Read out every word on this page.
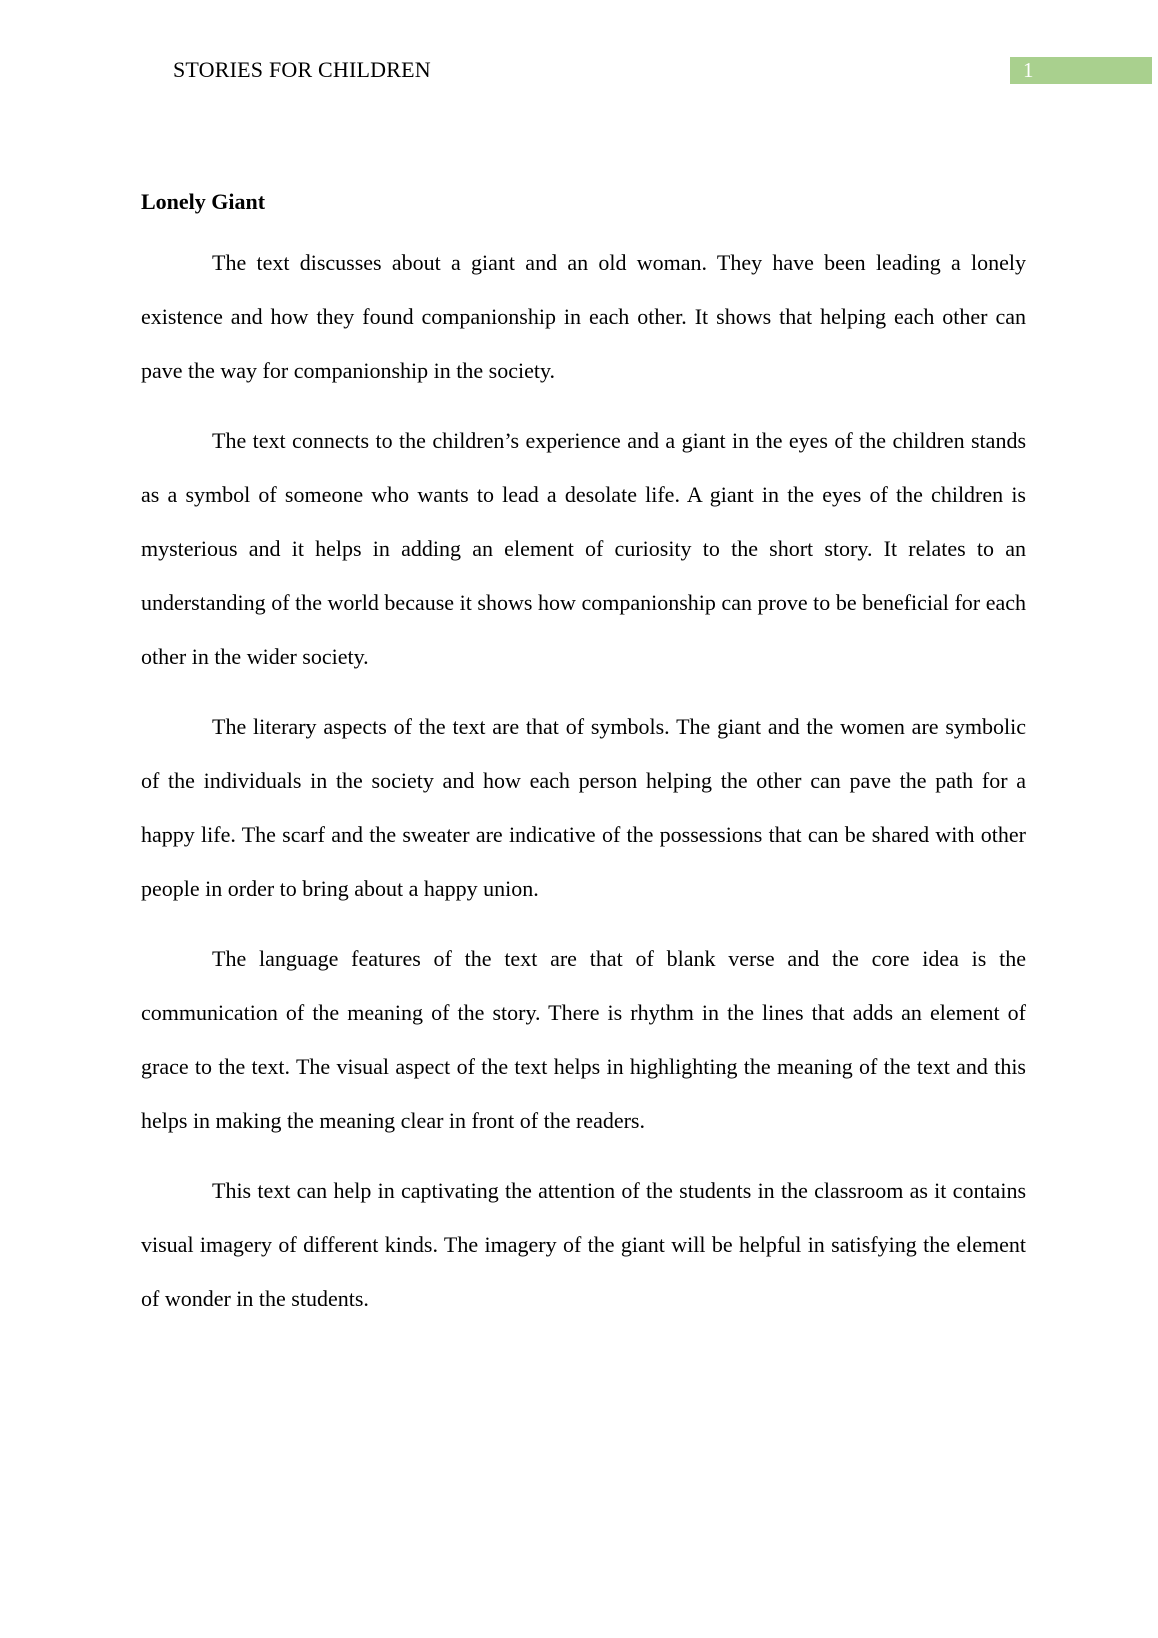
STORIES FOR CHILDREN	1
Lonely Giant

The text discusses about a giant and an old woman. They have been leading a lonely existence and how they found companionship in each other. It shows that helping each other can pave the way for companionship in the society.

The text connects to the children’s experience and a giant in the eyes of the children stands as a symbol of someone who wants to lead a desolate life. A giant in the eyes of the children is mysterious and it helps in adding an element of curiosity to the short story. It relates to an understanding of the world because it shows how companionship can prove to be beneficial for each other in the wider society.

The literary aspects of the text are that of symbols. The giant and the women are symbolic of the individuals in the society and how each person helping the other can pave the path for a happy life. The scarf and the sweater are indicative of the possessions that can be shared with other people in order to bring about a happy union.

The language features of the text are that of blank verse and the core idea is the communication of the meaning of the story. There is rhythm in the lines that adds an element of grace to the text. The visual aspect of the text helps in highlighting the meaning of the text and this helps in making the meaning clear in front of the readers.

This text can help in captivating the attention of the students in the classroom as it contains visual imagery of different kinds. The imagery of the giant will be helpful in satisfying the element of wonder in the students.
